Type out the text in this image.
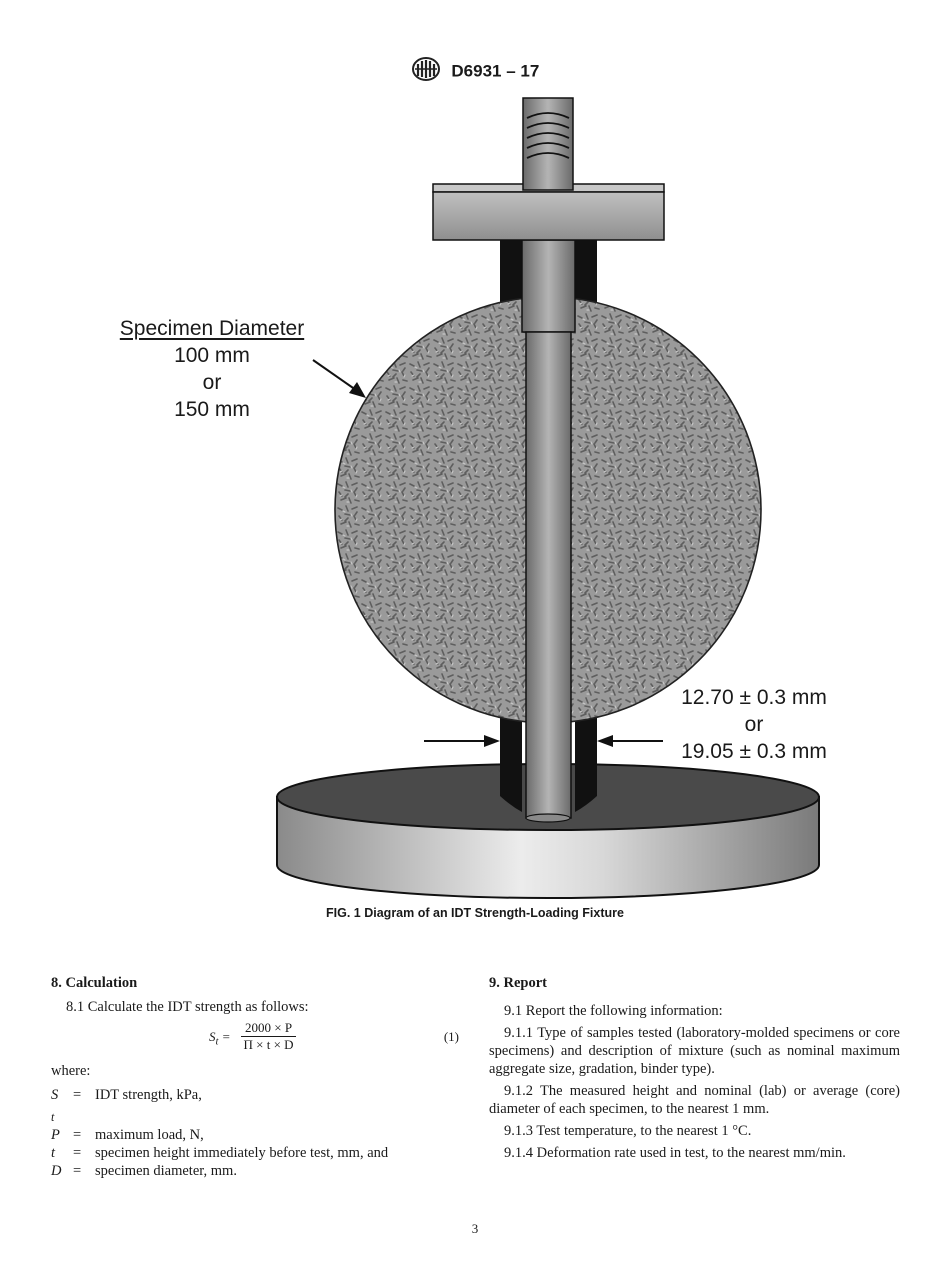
D6931 – 17
Specimen Diameter
100 mm
or
150 mm
12.70 ± 0.3 mm
or
19.05 ± 0.3 mm
FIG. 1 Diagram of an IDT Strength-Loading Fixture
8. Calculation
8.1 Calculate the IDT strength as follows:
$S_t = \frac{2000 \times P}{\Pi \times t \times D}$	(1)
where:
$S_t$	=	IDT strength, kPa,
P	=	maximum load, N,
t	=	specimen height immediately before test, mm, and
D	=	specimen diameter, mm.
9. Report
9.1 Report the following information:
9.1.1 Type of samples tested (laboratory-molded specimens or core specimens) and description of mixture (such as nominal maximum aggregate size, gradation, binder type).
9.1.2 The measured height and nominal (lab) or average (core) diameter of each specimen, to the nearest 1 mm.
9.1.3 Test temperature, to the nearest 1 °C.
9.1.4 Deformation rate used in test, to the nearest mm/min.
3
